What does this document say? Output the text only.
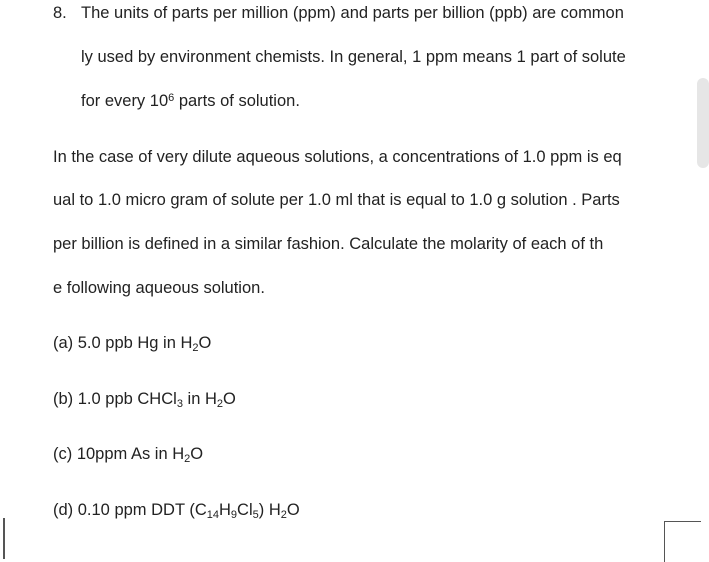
8. The units of parts per million (ppm) and parts per billion (ppb) are common
ly used by environment chemists. In general, 1 ppm means 1 part of solute
for every $10^6$ parts of solution.
In the case of very dilute aqueous solutions, a concentrations of 1.0 ppm is eq
ual to 1.0 micro gram of solute per 1.0 ml that is equal to 1.0 g solution . Parts
per billion is defined in a similar fashion. Calculate the molarity of each of th
e following aqueous solution.
(a) 5.0 ppb Hg in $H_2O$
(b) 1.0 ppb CHCl$_3$ in $H_2O$
(c) 10ppm As in $H_2O$
(d) 0.10 ppm DDT $(C_{14}H_9Cl_5)$ $H_2O$
